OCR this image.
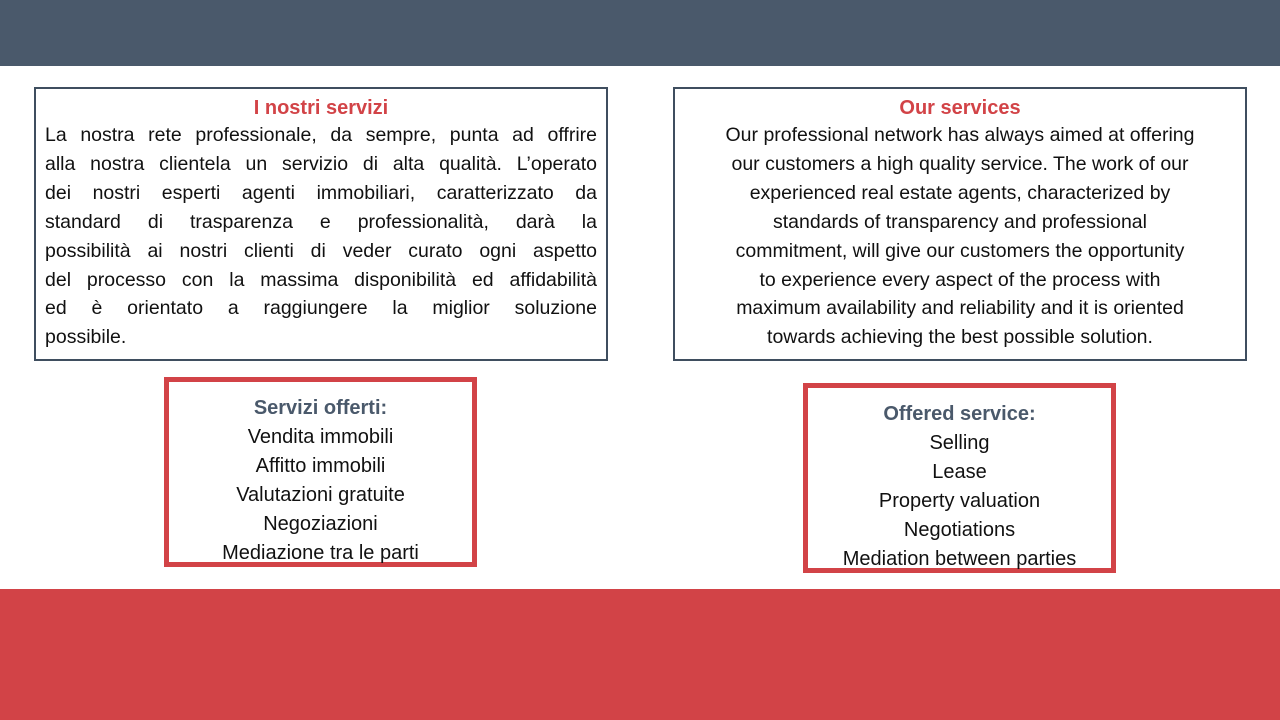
I nostri servizi

La nostra rete professionale, da sempre, punta ad offrire
alla nostra clientela un servizio di alta qualità. L’operato
dei nostri esperti agenti immobiliari, caratterizzato da
standard di trasparenza e professionalità, darà la
possibilità ai nostri clienti di veder curato ogni aspetto
del processo con la massima disponibilità ed affidabilità
ed è orientato a raggiungere la miglior soluzione
possibile.

Our services

Our professional network has always aimed at offering
our customers a high quality service. The work of our
experienced real estate agents, characterized by
standards of transparency and professional
commitment, will give our customers the opportunity
to experience every aspect of the process with
maximum availability and reliability and it is oriented
towards achieving the best possible solution.

Servizi offerti:
Vendita immobili
Affitto immobili
Valutazioni gratuite
Negoziazioni
Mediazione tra le parti
Offered service:
Selling
Lease
Property valuation
Negotiations
Mediation between parties
